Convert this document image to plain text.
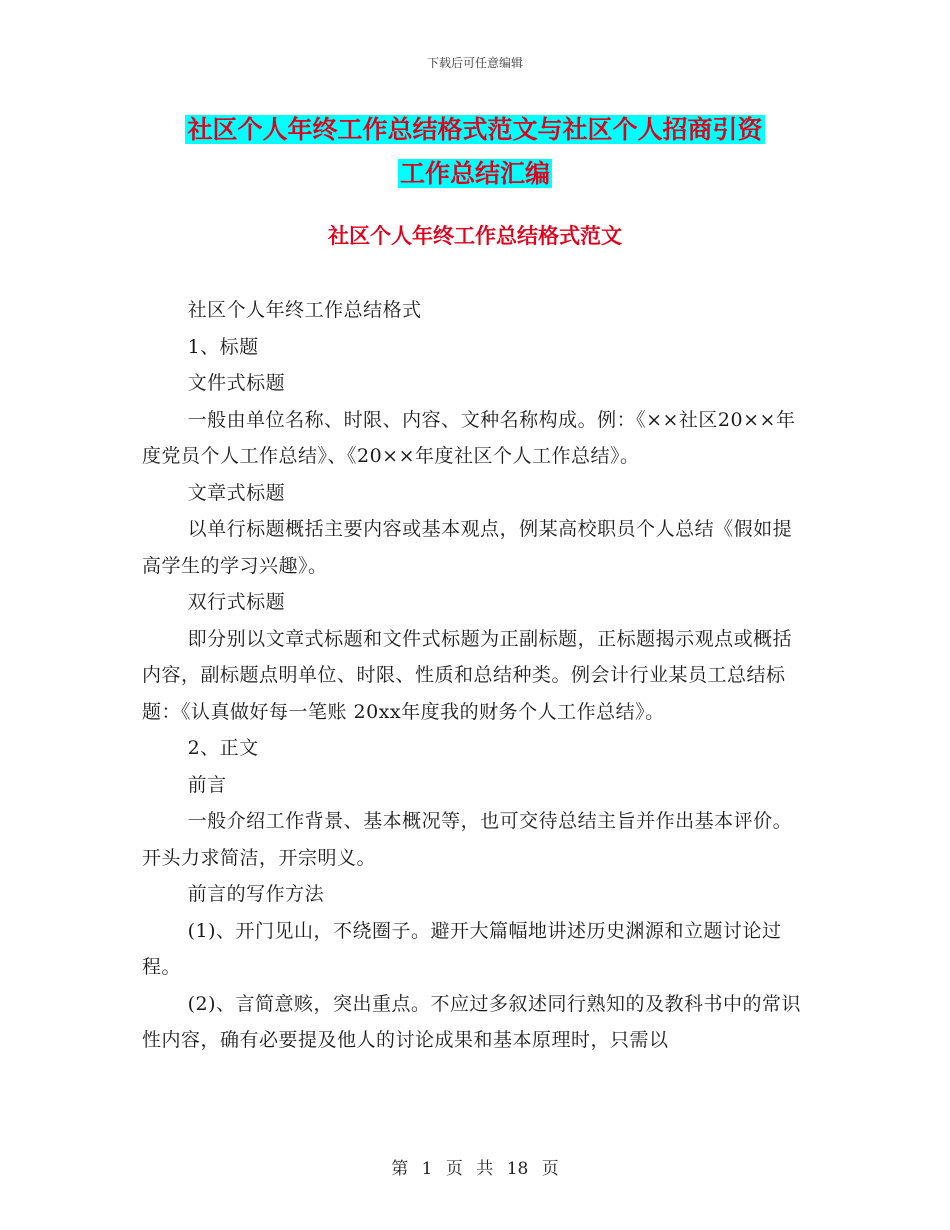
下载后可任意编辑
社区个人年终工作总结格式范文与社区个人招商引资
工作总结汇编
社区个人年终工作总结格式范文

社区个人年终工作总结格式

1、标题

文件式标题

一般由单位名称、时限、内容、文种名称构成。例：《××社区20××年度党员个人工作总结》、《20××年度社区个人工作总结》。

文章式标题

以单行标题概括主要内容或基本观点，例某高校职员个人总结《假如提高学生的学习兴趣》。

双行式标题

即分别以文章式标题和文件式标题为正副标题，正标题揭示观点或概括内容，副标题点明单位、时限、性质和总结种类。例会计行业某员工总结标题：《认真做好每一笔账 20xx年度我的财务个人工作总结》。

2、正文

前言

一般介绍工作背景、基本概况等，也可交待总结主旨并作出基本评价。开头力求简洁，开宗明义。

前言的写作方法

(1)、开门见山，不绕圈子。避开大篇幅地讲述历史渊源和立题讨论过程。

(2)、言简意赅，突出重点。不应过多叙述同行熟知的及教科书中的常识性内容，确有必要提及他人的讨论成果和基本原理时，只需以

第 1 页 共 18 页
